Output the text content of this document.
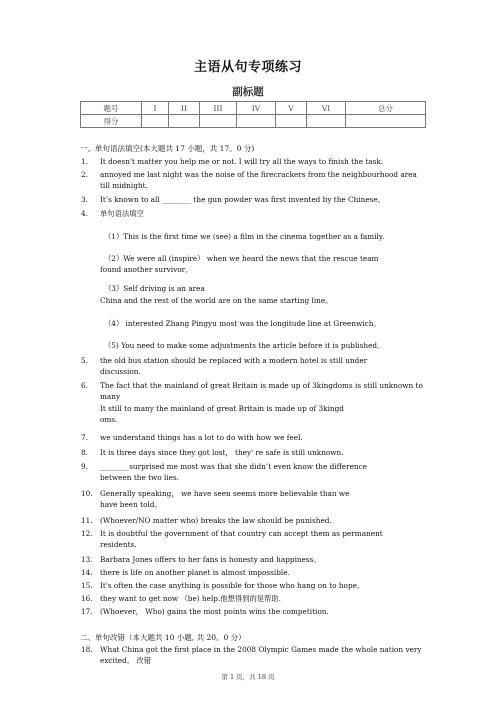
主语从句专项练习
副标题
题号	I	II	III	IV	V	VI	总分
得分							
一、单句语法填空(本大题共 17 小题，共 17。0 分)
1. It doesn't matter you help me or not. I will try all the ways to finish the task.
2. annoyed me last night was the noise of the firecrackers from the neighbourhood area
till midnight.
3. It’s known to all ________ the gun powder was first invented by the Chinese。
4. 单句语法填空
（1）This is the first time we (see) a film in the cinema together as a family.
（2）We were all (inspire） when we heard the news that the rescue team
found another survivor。
（3）Self driving is an area
China and the rest of the world are on the same starting line。
（4） interested Zhang Pingyu most was the longitude line at Greenwich。
（5) You need to make some adjustments the article before it is published。
5. the old bus station should be replaced with a modern hotel is still under
discussion.
6. The fact that the mainland of great Britain is made up of 3kingdoms is still unknown to
many
It still to many the mainland of great Britain is made up of 3kingd
oms.
7. we understand things has a lot to do with how we feel.
8. It is three days since they got lost， they' re safe is still unknown.
9. ________surprised me most was that she didn’t even know the difference
between the two lies.
10. Generally speaking， we have seen seems more believable than we
have been told。
11. (Whoever/NO matter who) breaks the law should be punished.
12. It is doubtful the government of that country can accept them as permanent
residents.
13. Barbara Jones offers to her fans is honesty and happiness。
14. there is life on another planet is almost impossible.
15. It's often the case anything is possible for those who hang on to hope。
16. they want to get now （be) help.他想得到的是帮助.
17. (Whoever， Who) gains the most points wins the competition.
18. What China got the first place in the 2008 Olympic Games made the whole nation very
excited。 改错
二、单句改错（本大题共 10 小题, 共 20。0 分）
第 1 页，共 18 页
